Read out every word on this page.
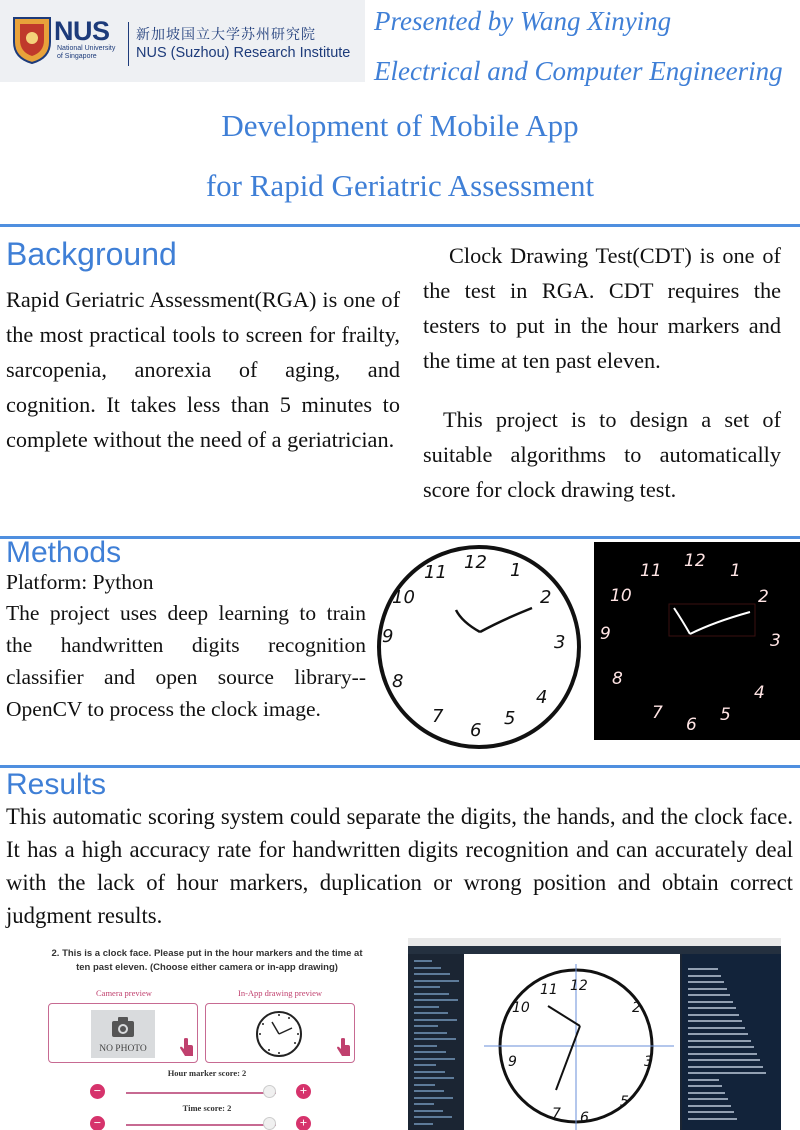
NUS
National University of Singapore
新加坡国立大学苏州研究院
NUS (Suzhou) Research Institute
Presented by Wang Xinying
Electrical and Computer Engineering
Development of Mobile App
for Rapid Geriatric Assessment
Background
Rapid Geriatric Assessment(RGA) is one of the most practical tools to screen for frailty, sarcopenia, anorexia of aging, and cognition. It takes less than 5 minutes to complete without the need of a geriatrician.
Clock Drawing Test(CDT) is one of the test in RGA. CDT requires the testers to put in the hour markers and the time at ten past eleven.
This project is to design a set of suitable algorithms to automatically score for clock drawing test.
Methods
Platform: Python
The project uses deep learning to train the handwritten digits recognition classifier and open source library--OpenCV to process the clock image.
12 1
2
3
4
5
6
7
8
9
10
11
12 1
2
3
4
5
6
7
8
9
10
11
Results
This automatic scoring system could separate the digits, the hands, and the clock face. It has a high accuracy rate for handwritten digits recognition and can accurately deal with the lack of hour markers, duplication or wrong position and obtain correct judgment results.
2. This is a clock face. Please put in the hour markers and the time at ten past eleven. (Choose either camera or in-app drawing)
Camera preview	In-App drawing preview
NO PHOTO
Hour marker score: 2
−	+
Time score: 2
−	+
12
2
3
5
6
7
9
10
11
